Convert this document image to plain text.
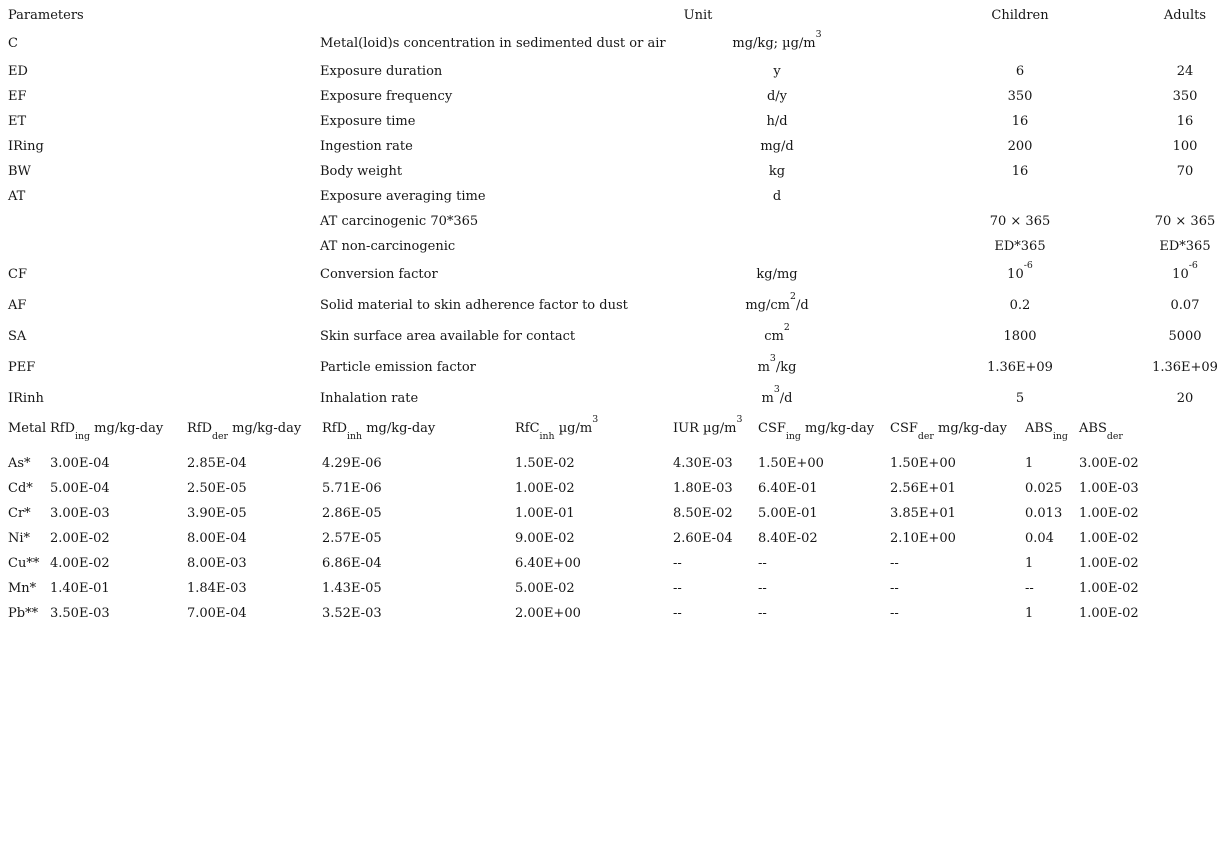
Parameters		Unit	Children	Adults
C	Metal(loid)s concentration in sedimented dust or air	mg/kg; $\mu g/m^3$		
ED	Exposure duration	y	6	24
EF	Exposure frequency	d/y	350	350
ET	Exposure time	h/d	16	16
IRing	Ingestion rate	mg/d	200	100
BW	Body weight	kg	16	70
AT	Exposure averaging time	d		
	AT carcinogenic 70*365		70 × 365	70 × 365
	AT non-carcinogenic		ED*365	ED*365
CF	Conversion factor	kg/mg	$10^{-6}$	$10^{-6}$
AF	Solid material to skin adherence factor to dust	$mg/cm^2/d$	0.2	0.07
SA	Skin surface area available for contact	$cm^2$	1800	5000
PEF	Particle emission factor	$m^3/kg$	1.36E+09	1.36E+09
IRinh	Inhalation rate	$m^3/d$	5	20
Metal	RfD$_{ing}$ mg/kg-day	RfD$_{der}$ mg/kg-day	RfD$_{inh}$ mg/kg-day	RfC$_{inh}$ $\mu g/m^3$	IUR $\mu g/m^3$	$CSF_{ing}$ mg/kg-day	$CSF_{der}$ mg/kg-day	$ABS_{ing}$	$ABS_{der}$
As*	3.00E-04	2.85E-04	4.29E-06	1.50E-02	4.30E-03	1.50E+00	1.50E+00	1	3.00E-02
Cd*	5.00E-04	2.50E-05	5.71E-06	1.00E-02	1.80E-03	6.40E-01	2.56E+01	0.025	1.00E-03
Cr*	3.00E-03	3.90E-05	2.86E-05	1.00E-01	8.50E-02	5.00E-01	3.85E+01	0.013	1.00E-02
Ni*	2.00E-02	8.00E-04	2.57E-05	9.00E-02	2.60E-04	8.40E-02	2.10E+00	0.04	1.00E-02
Cu**	4.00E-02	8.00E-03	6.86E-04	6.40E+00	--	--	--	1	1.00E-02
Mn*	1.40E-01	1.84E-03	1.43E-05	5.00E-02	--	--	--	--	1.00E-02
Pb**	3.50E-03	7.00E-04	3.52E-03	2.00E+00	--	--	--	1	1.00E-02
